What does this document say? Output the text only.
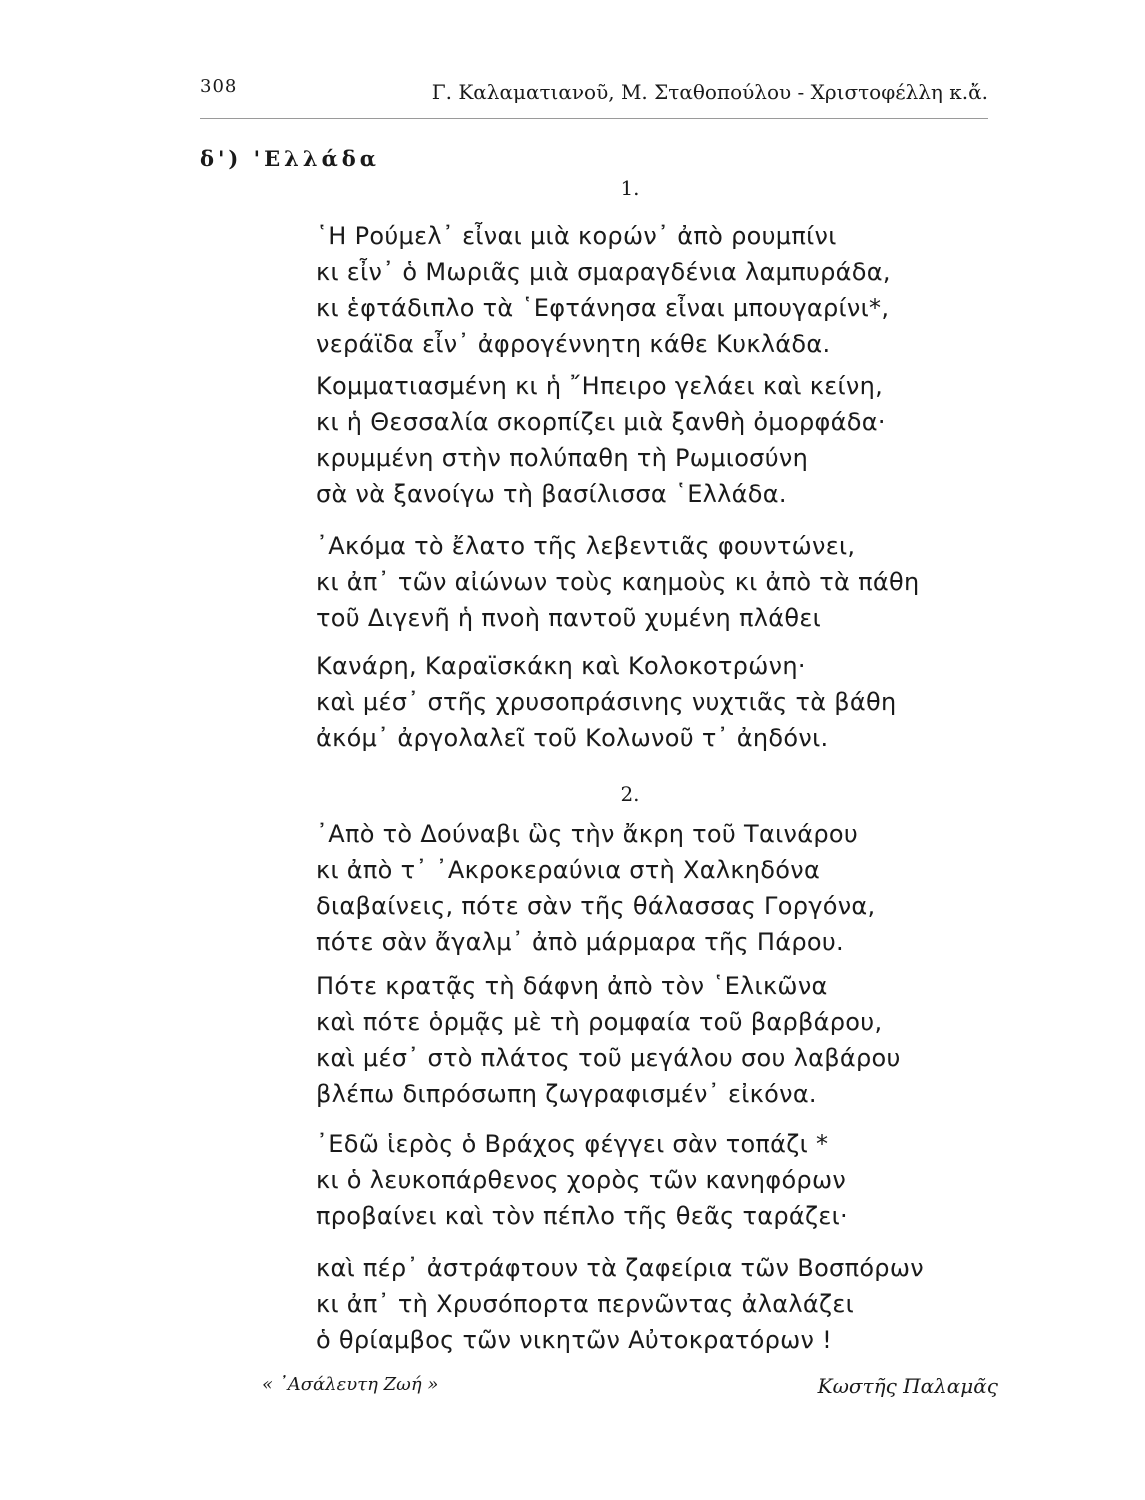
308	Γ. Καλαματιανοῦ, Μ. Σταθοπούλου - Χριστοφέλλη κ.ἄ.
δ') 'Ελλάδα
1.
῾Η Ρούμελ᾽ εἶναι μιὰ κορών᾽ ἀπὸ ρουμπίνι
κι εἶν᾽ ὁ Μωριᾶς μιὰ σμαραγδένια λαμπυράδα,
κι ἑφτάδιπλο τὰ ῾Εφτάνησα εἶναι μπουγαρίνι*,
νεράϊδα εἶν᾽ ἀφρογέννητη κάθε Κυκλάδα.
Κομματιασμένη κι ἡ ῎Ηπειρο γελάει καὶ κείνη,
κι ἡ Θεσσαλία σκορπίζει μιὰ ξανθὴ ὀμορφάδα·
κρυμμένη στὴν πολύπαθη τὴ Ρωμιοσύνη
σὰ νὰ ξανοίγω τὴ βασίλισσα ῾Ελλάδα.
᾽Ακόμα τὸ ἔλατο τῆς λεβεντιᾶς φουντώνει,
κι ἀπ᾽ τῶν αἰώνων τοὺς καημοὺς κι ἀπὸ τὰ πάθη
τοῦ Διγενῆ ἡ πνοὴ παντοῦ χυμένη πλάθει
Κανάρη, Καραϊσκάκη καὶ Κολοκοτρώνη·
καὶ μέσ᾽ στῆς χρυσοπράσινης νυχτιᾶς τὰ βάθη
ἀκόμ᾽ ἀργολαλεῖ τοῦ Κολωνοῦ τ᾽ ἀηδόνι.
2.
᾽Απὸ τὸ Δούναβι ὣς τὴν ἄκρη τοῦ Ταινάρου
κι ἀπὸ τ᾽ ᾽Ακροκεραύνια στὴ Χαλκηδόνα
διαβαίνεις, πότε σὰν τῆς θάλασσας Γοργόνα,
πότε σὰν ἄγαλμ᾽ ἀπὸ μάρμαρα τῆς Πάρου.
Πότε κρατᾷς τὴ δάφνη ἀπὸ τὸν ῾Ελικῶνα
καὶ πότε ὁρμᾷς μὲ τὴ ρομφαία τοῦ βαρβάρου,
καὶ μέσ᾽ στὸ πλάτος τοῦ μεγάλου σου λαβάρου
βλέπω διπρόσωπη ζωγραφισμέν᾽ εἰκόνα.
᾽Εδῶ ἱερὸς ὁ Βράχος φέγγει σὰν τοπάζι *
κι ὁ λευκοπάρθενος χορὸς τῶν κανηφόρων
προβαίνει καὶ τὸν πέπλο τῆς θεᾶς ταράζει·
καὶ πέρ᾽ ἀστράφτουν τὰ ζαφείρια τῶν Βοσπόρων
κι ἀπ᾽ τὴ Χρυσόπορτα περνῶντας ἀλαλάζει
ὁ θρίαμβος τῶν νικητῶν Αὐτοκρατόρων !
« ᾽Ασάλευτη Ζωή »	Κωστῆς Παλαμᾶς
